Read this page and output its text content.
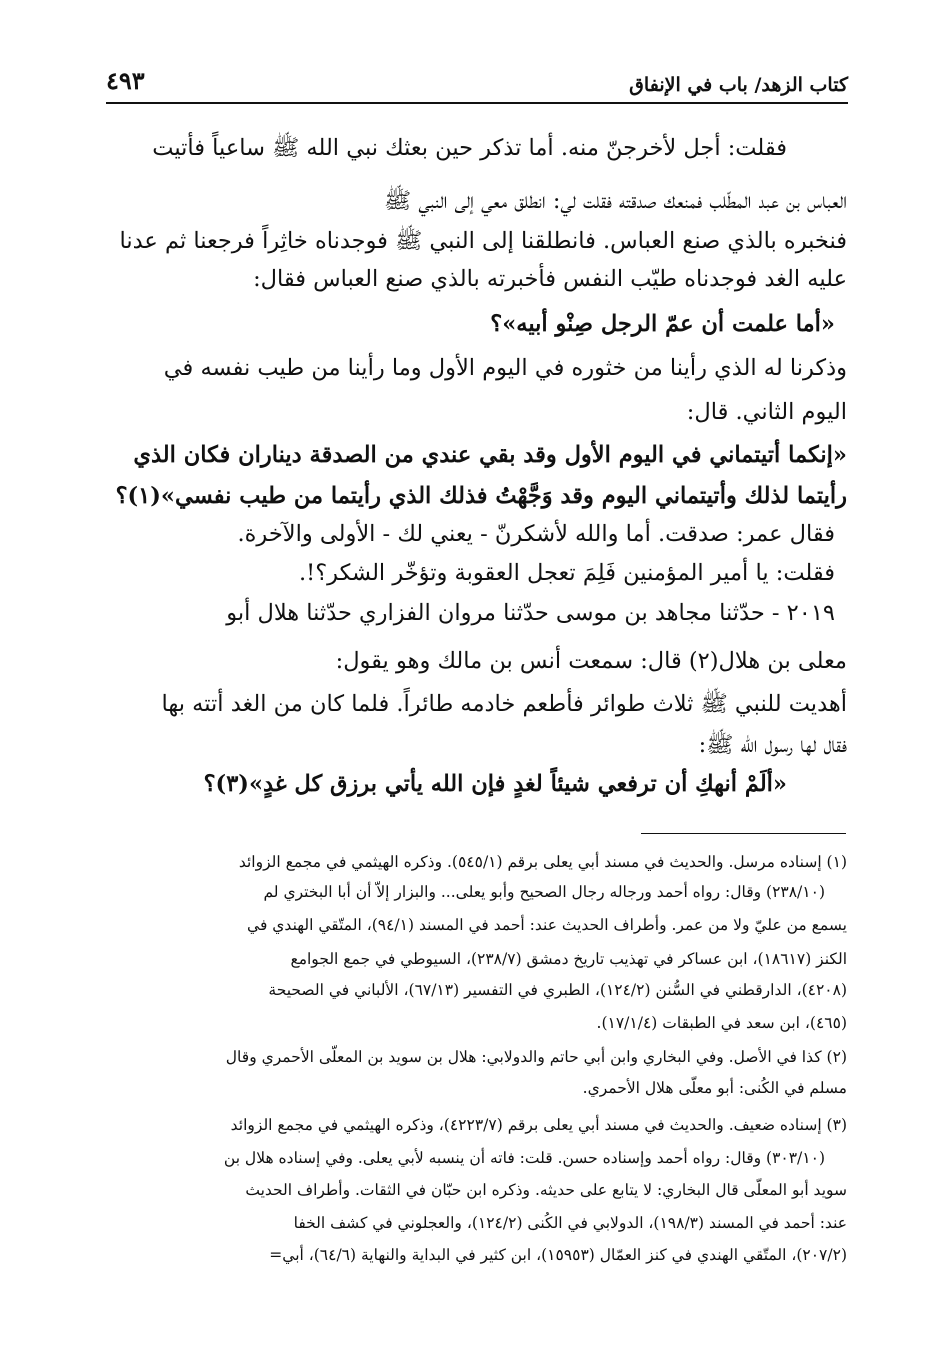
كتاب الزهد/ باب في الإنفاق
٤٩٣
فقلت: أجل لأخرجنّ منه. أما تذكر حين بعثك نبي الله ﷺ ساعياً فأتيت
العباس بن عبد المطّلب فمنعك صدقته فقلت لي: انطلق معي إلى النبي ﷺ
فنخبره بالذي صنع العباس. فانطلقنا إلى النبي ﷺ فوجدناه خاثِراً فرجعنا ثم عدنا
عليه الغد فوجدناه طيّب النفس فأخبرته بالذي صنع العباس فقال:
«أما علمت أن عمّ الرجل صِنْو أبيه»؟
وذكرنا له الذي رأينا من خثوره في اليوم الأول وما رأينا من طيب نفسه في
اليوم الثاني. قال:
«إنكما أتيتماني في اليوم الأول وقد بقي عندي من الصدقة ديناران فكان الذي
رأيتما لذلك وأتيتماني اليوم وقد وَجَّهْتُ فذلك الذي رأيتما من طيب نفسي»(١)؟
فقال عمر: صدقت. أما والله لأشكرنّ - يعني لك - الأولى والآخرة.
فقلت: يا أمير المؤمنين فَلِمَ تعجل العقوبة وتؤخّر الشكر؟!.
٢٠١٩ - حدّثنا مجاهد بن موسى حدّثنا مروان الفزاري حدّثنا هلال أبو
معلى بن هلال(٢) قال: سمعت أنس بن مالك وهو يقول:
أهديت للنبي ﷺ ثلاث طوائر فأطعم خادمه طائراً. فلما كان من الغد أتته بها
فقال لها رسول الله ﷺ:
«ألَمْ أنهكِ أن ترفعي شيئاً لغدٍ فإن الله يأتي برزق كل غدٍ»(٣)؟
(١) إسناده مرسل. والحديث في مسند أبي يعلى برقم (٥٤٥/١). وذكره الهيثمي في مجمع الزوائد
(٢٣٨/١٠) وقال: رواه أحمد ورجاله رجال الصحيح وأبو يعلى... والبزار إلاّ أن أبا البختري لم
يسمع من عليّ ولا من عمر. وأطراف الحديث عند: أحمد في المسند (٩٤/١)، المتّقي الهندي في
الكنز (١٨٦١٧)، ابن عساكر في تهذيب تاريخ دمشق (٢٣٨/٧)، السيوطي في جمع الجوامع
(٤٢٠٨)، الدارقطني في السُّنن (١٢٤/٢)، الطبري في التفسير (٦٧/١٣)، الألباني في الصحيحة
(٤٦٥)، ابن سعد في الطبقات (١٧/١/٤).
(٢) كذا في الأصل. وفي البخاري وابن أبي حاتم والدولابي: هلال بن سويد بن المعلّى الأحمري وقال
مسلم في الكُنى: أبو معلّى هلال الأحمري.
(٣) إسناده ضعيف. والحديث في مسند أبي يعلى برقم (٤٢٢٣/٧)، وذكره الهيثمي في مجمع الزوائد
(٣٠٣/١٠) وقال: رواه أحمد وإسناده حسن. قلت: فاته أن ينسبه لأبي يعلى. وفي إسناده هلال بن
سويد أبو المعلّى قال البخاري: لا يتابع على حديثه. وذكره ابن حبّان في الثقات. وأطراف الحديث
عند: أحمد في المسند (١٩٨/٣)، الدولابي في الكُنى (١٢٤/٢)، والعجلوني في كشف الخفا
(٢٠٧/٢)، المتّقي الهندي في كنز العمّال (١٥٩٥٣)، ابن كثير في البداية والنهاية (٦٤/٦)، أبي=
